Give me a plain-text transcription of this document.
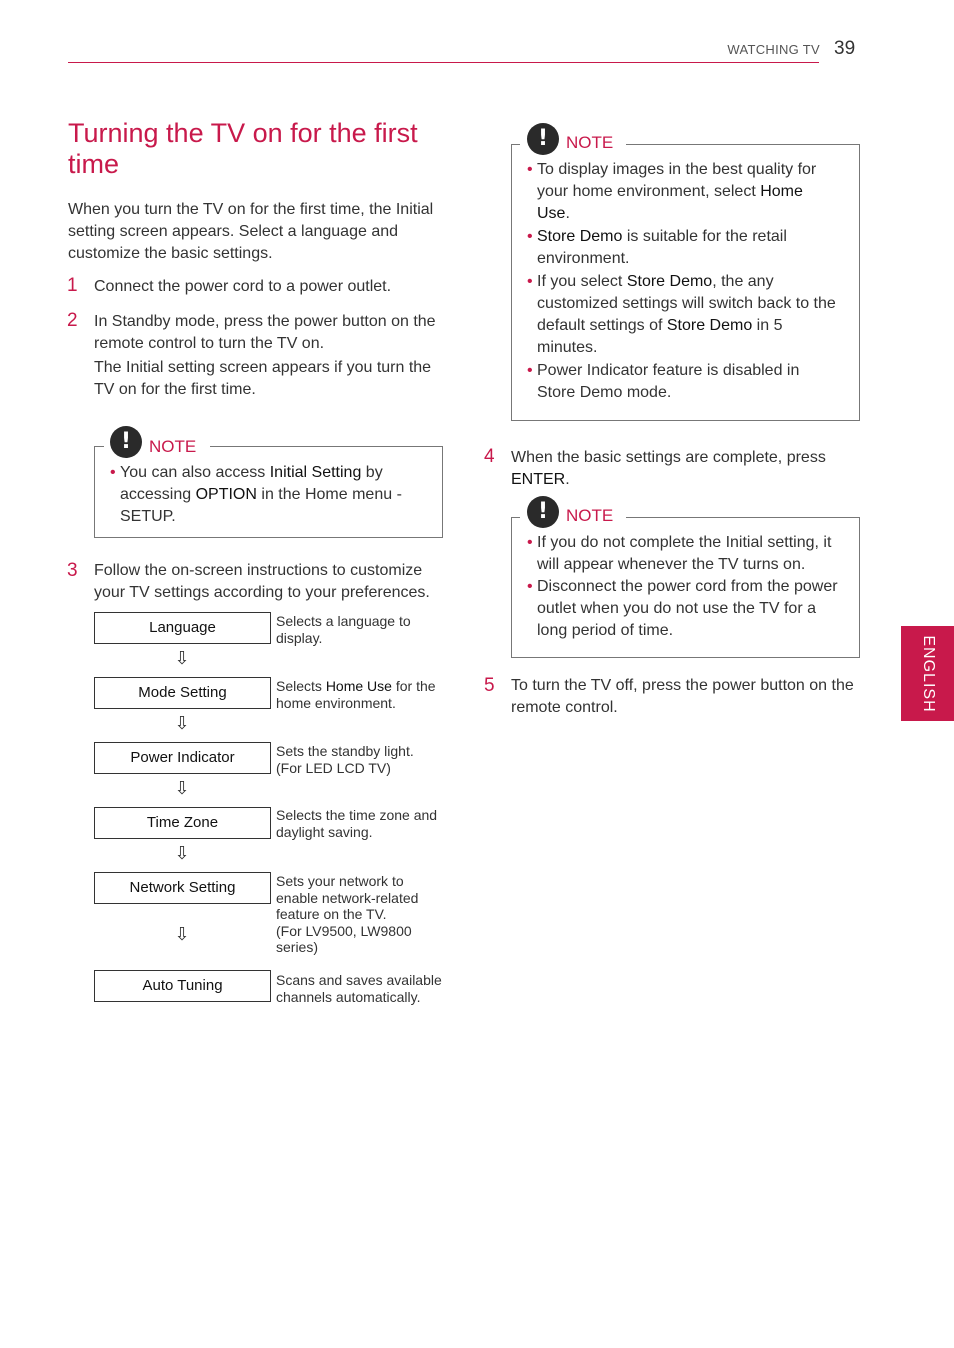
WATCHING TV 39
Turning the TV on for the first time
When you turn the TV on for the first time, the Initial setting screen appears. Select a language and customize the basic settings.
1 Connect the power cord to a power outlet.
2 In Standby mode, press the power button on the remote control to turn the TV on.
The Initial setting screen appears if you turn the TV on for the first time.
!	NOTE
• You can also access Initial Setting by accessing OPTION in the Home menu - SETUP.
3 Follow the on-screen instructions to customize your TV settings according to your preferences.
Language	Selects a language to display.
⇩
Mode Setting	Selects Home Use for the home environment.
⇩
Power Indicator	Sets the standby light.
(For LED LCD TV)
⇩
Time Zone	Selects the time zone and daylight saving.
⇩
Network Setting	Sets your network to enable network-related feature on the TV.
(For LV9500, LW9800 series)
⇩
Auto Tuning	Scans and saves available channels automatically.
!	NOTE
• To display images in the best quality for your home environment, select Home Use.
• Store Demo is suitable for the retail environment.
• If you select Store Demo, the any customized settings will switch back to the default settings of Store Demo in 5 minutes.
• Power Indicator feature is disabled in Store Demo mode.
4 When the basic settings are complete, press ENTER.
!	NOTE
• If you do not complete the Initial setting, it will appear whenever the TV turns on.
• Disconnect the power cord from the power outlet when you do not use the TV for a long period of time.
5 To turn the TV off, press the power button on the remote control.	ENGLISH
